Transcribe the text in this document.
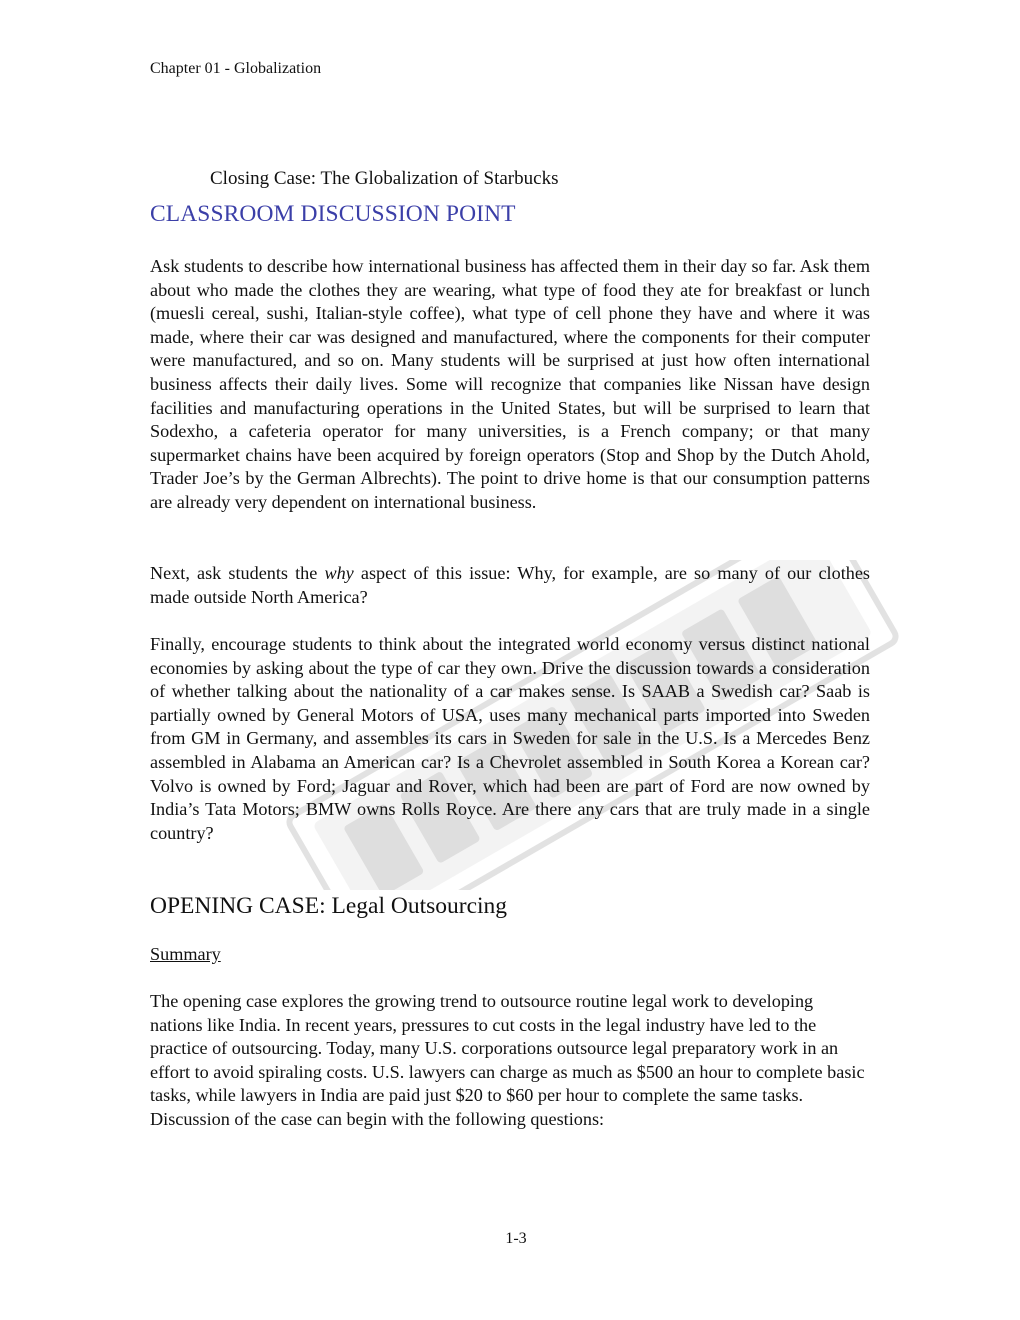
Chapter 01 - Globalization
Closing Case: The Globalization of Starbucks
CLASSROOM DISCUSSION POINT

Ask students to describe how international business has affected them in their day so far. Ask them about who made the clothes they are wearing, what type of food they ate for breakfast or lunch (muesli cereal, sushi, Italian-style coffee), what type of cell phone they have and where it was made, where their car was designed and manufactured, where the components for their computer were manufactured, and so on. Many students will be surprised at just how often international business affects their daily lives. Some will recognize that companies like Nissan have design facilities and manufacturing operations in the United States, but will be surprised to learn that Sodexho, a cafeteria operator for many universities, is a French company; or that many supermarket chains have been acquired by foreign operators (Stop and Shop by the Dutch Ahold, Trader Joe’s by the German Albrechts). The point to drive home is that our consumption patterns are already very dependent on international business.

Next, ask students the why aspect of this issue: Why, for example, are so many of our clothes made outside North America?

Finally, encourage students to think about the integrated world economy versus distinct national economies by asking about the type of car they own. Drive the discussion towards a consideration of whether talking about the nationality of a car makes sense. Is SAAB a Swedish car? Saab is partially owned by General Motors of USA, uses many mechanical parts imported into Sweden from GM in Germany, and assembles its cars in Sweden for sale in the U.S. Is a Mercedes Benz assembled in Alabama an American car? Is a Chevrolet assembled in South Korea a Korean car? Volvo is owned by Ford; Jaguar and Rover, which had been are part of Ford are now owned by India’s Tata Motors; BMW owns Rolls Royce. Are there any cars that are truly made in a single country?

OPENING CASE: Legal Outsourcing
Summary

The opening case explores the growing trend to outsource routine legal work to developing nations like India. In recent years, pressures to cut costs in the legal industry have led to the practice of outsourcing. Today, many U.S. corporations outsource legal preparatory work in an effort to avoid spiraling costs. U.S. lawyers can charge as much as $500 an hour to complete basic tasks, while lawyers in India are paid just $20 to $60 per hour to complete the same tasks. Discussion of the case can begin with the following questions:

1-3
